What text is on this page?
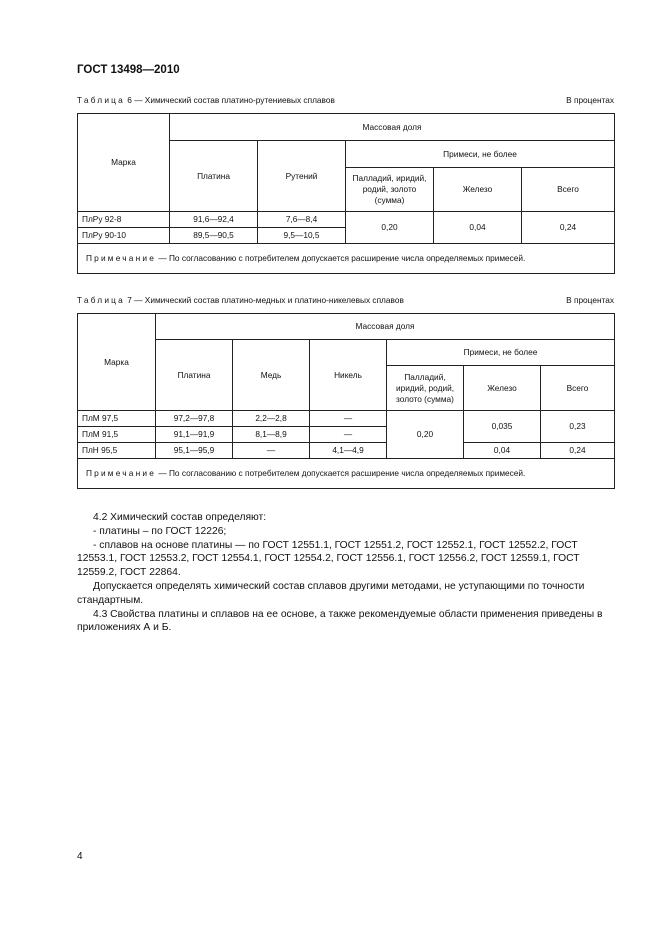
ГОСТ 13498—2010
Таблица 6 — Химический состав платино-рутениевых сплавов	В процентах
Марка	Массовая доля				
	Платина	Рутений	Примеси, не более		
			Палладий, иридий, родий, золото (сумма)	Железо	Всего
ПлРу 92-8	91,6—92,4	7,6—8,4	0,20	0,04	0,24
ПлРу 90-10	89,5—90,5	9,5—10,5			
Примечание — По согласованию с потребителем допускается расширение числа определяемых примесей.					
Таблица 7 — Химический состав платино-медных и платино-никелевых сплавов	В процентах
Марка	Массовая доля					
	Платина	Медь	Никель	Примеси, не более		
				Палладий, иридий, родий, золото (сумма)	Железо	Всего
ПлМ 97,5	97,2—97,8	2,2—2,8	—	0,20	0,035	0,23
ПлМ 91,5	91,1—91,9	8,1—8,9	—			
ПлН 95,5	95,1—95,9	—	4,1—4,9		0,04	0,24
Примечание — По согласованию с потребителем допускается расширение числа определяемых примесей.						

4.2 Химический состав определяют:

- платины – по ГОСТ 12226;

- сплавов на основе платины — по ГОСТ 12551.1, ГОСТ 12551.2, ГОСТ 12552.1, ГОСТ 12552.2, ГОСТ 12553.1, ГОСТ 12553.2, ГОСТ 12554.1, ГОСТ 12554.2, ГОСТ 12556.1, ГОСТ 12556.2, ГОСТ 12559.1, ГОСТ 12559.2, ГОСТ 22864.

Допускается определять химический состав сплавов другими методами, не уступающими по точности стандартным.

4.3 Свойства платины и сплавов на ее основе, а также рекомендуемые области применения приведены в приложениях А и Б.

4
